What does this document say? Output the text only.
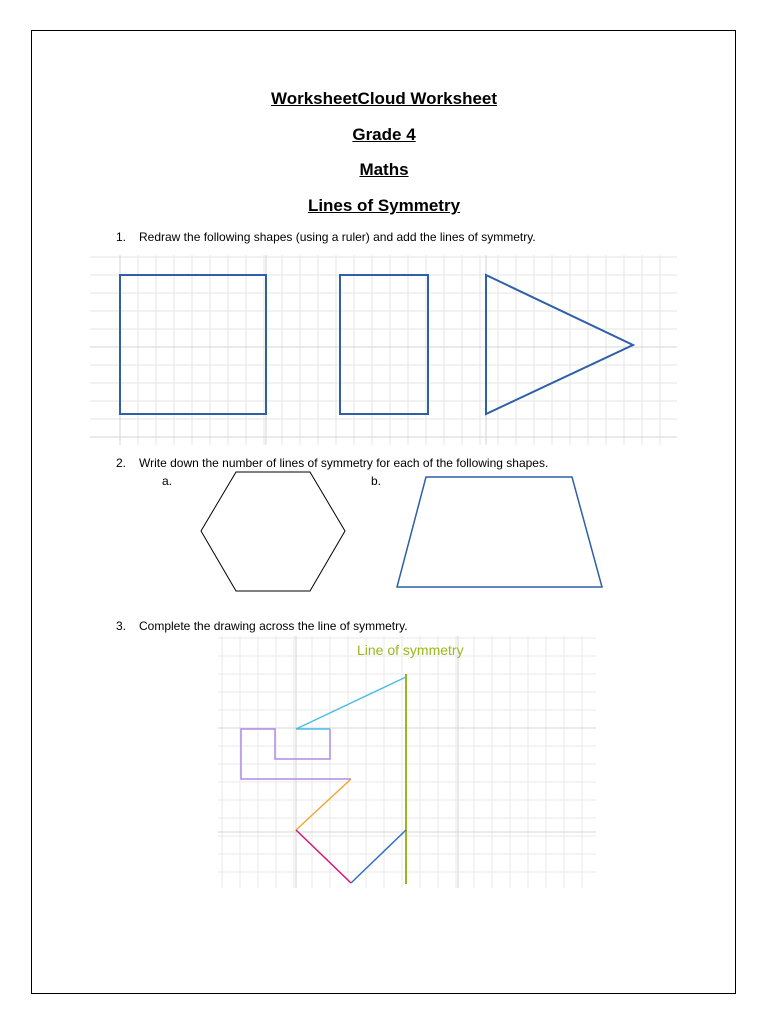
WorksheetCloud Worksheet
Grade 4
Maths
Lines of Symmetry
1. Redraw the following shapes (using a ruler) and add the lines of symmetry.
2. Write down the number of lines of symmetry for each of the following shapes.
a.	b.
3. Complete the drawing across the line of symmetry.
Line of symmetry
